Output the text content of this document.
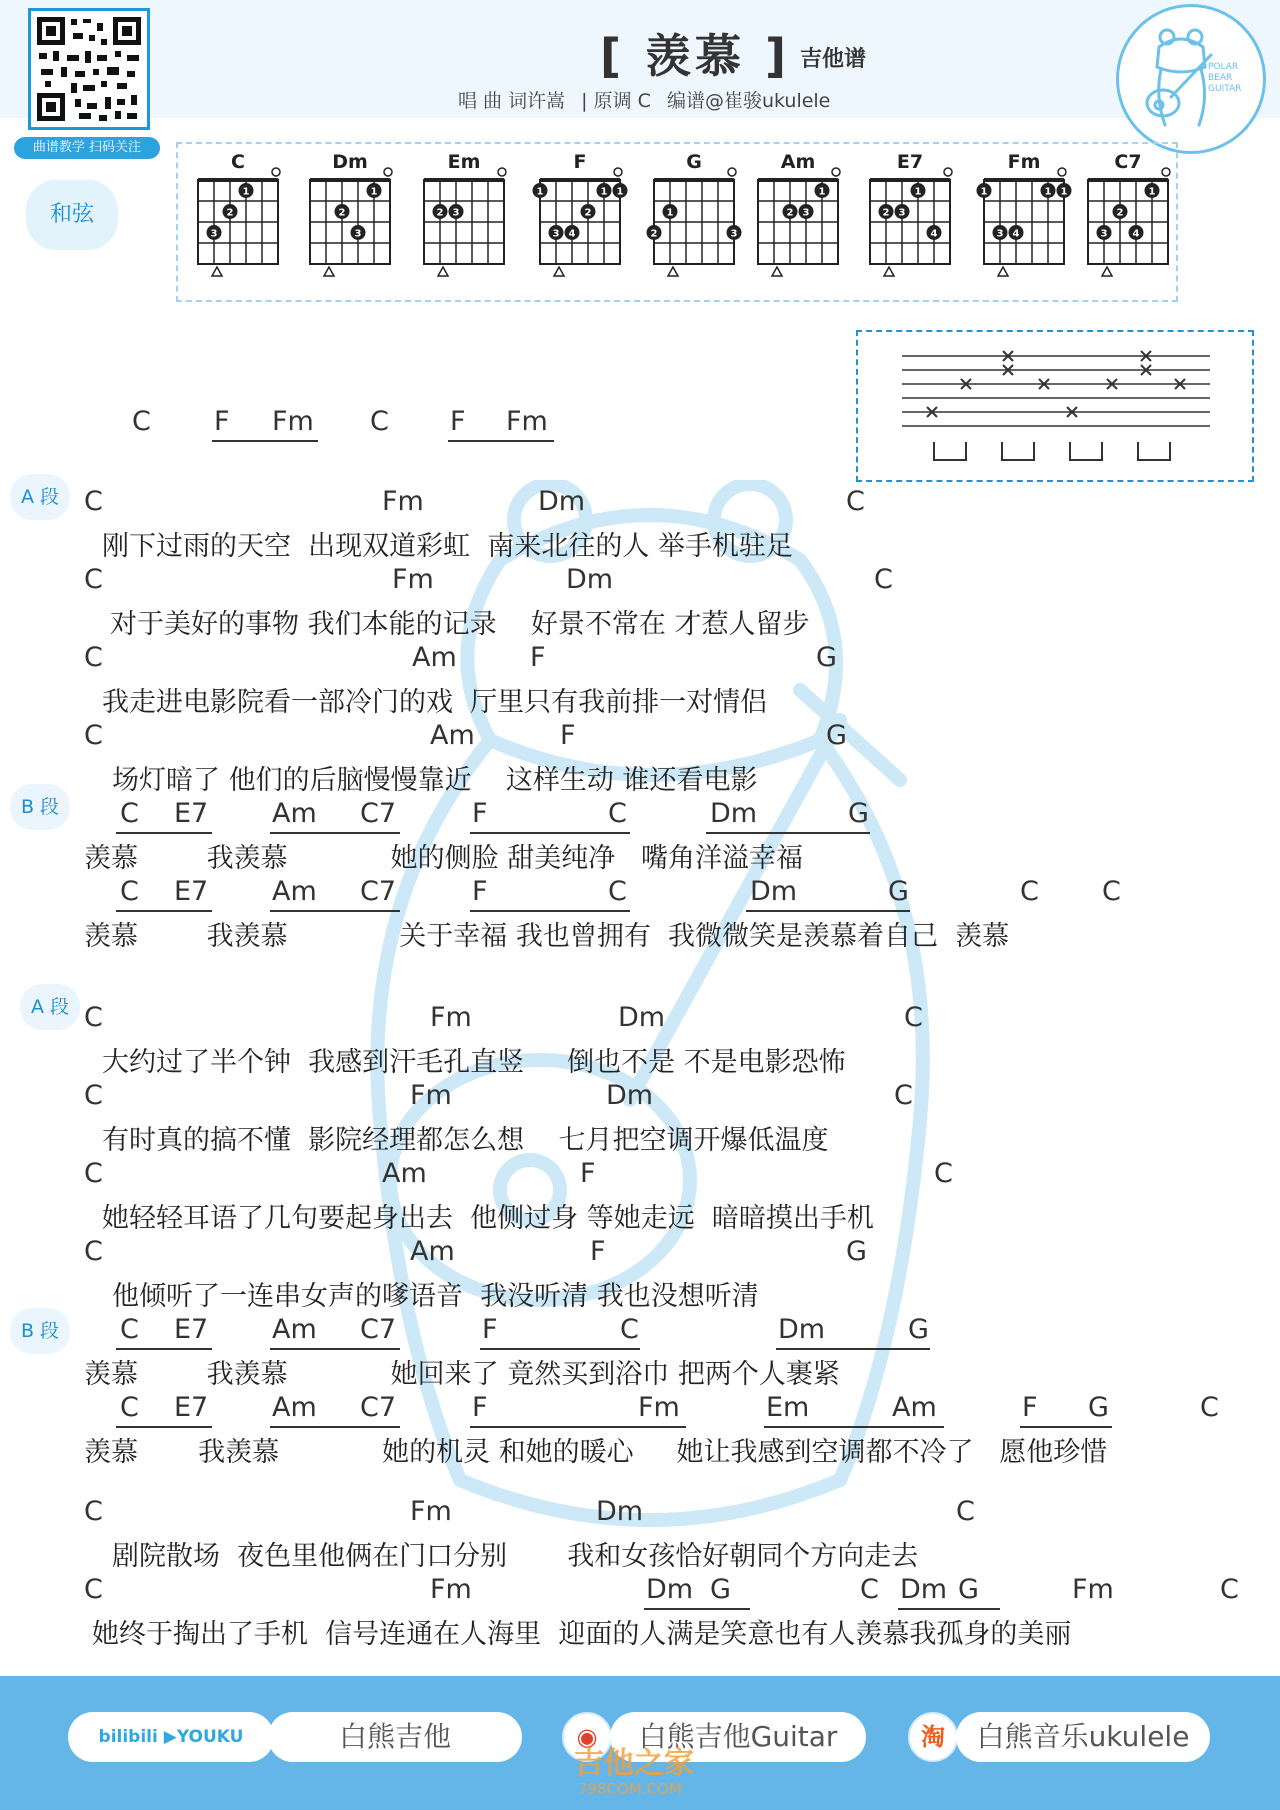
曲谱教学 扫码关注
[ 羡慕 ] 吉他谱
唱 曲 词许嵩 | 原调 C 编谱@崔骏ukulele
POLAR BEAR GUITAR
和弦
C
1
2
3
Dm
1
2
3
Em
2 3
F
1	1 1
2
3 4
G
1
2	3
Am
1
2 3
E7
1
2 3
4
Fm
1	1 1
3 4
C7
1
2
3	4
C F Fm C F Fm
A 段
B 段
A 段
B 段
C	Fm	Dm	C
刚下过雨的天空  出现双道彩虹  南来北往的人 举手机驻足
C	Fm	Dm	C
对于美好的事物 我们本能的记录    好景不常在 才惹人留步
C	Am	F	G
我走进电影院看一部冷门的戏  厅里只有我前排一对情侣
C	Am	F	G
场灯暗了 他们的后脑慢慢靠近    这样生动 谁还看电影
C E7 Am C7	F	C	Dm	G
羡慕        我羡慕            她的侧脸 甜美纯净   嘴角洋溢幸福
C E7 Am C7	F	C	Dm	G	C C
羡慕        我羡慕             关于幸福 我也曾拥有  我微微笑是羡慕着自己  羡慕
C	Fm	Dm	C
大约过了半个钟  我感到汗毛孔直竖     倒也不是 不是电影恐怖
C	Fm	Dm	C
有时真的搞不懂  影院经理都怎么想    七月把空调开爆低温度
C	Am	F	C
她轻轻耳语了几句要起身出去  他侧过身 等她走远  暗暗摸出手机
C	Am	F	G
他倾听了一连串女声的嗲语音  我没听清 我也没想听清
C E7 Am C7	F	C	Dm	G
羡慕        我羡慕            她回来了 竟然买到浴巾 把两个人裹紧
C E7 Am C7	F	Fm	Em	Am	F G	C
羡慕       我羡慕            她的机灵 和她的暖心     她让我感到空调都不冷了   愿他珍惜
C	Fm	Dm	C
剧院散场  夜色里他俩在门口分别       我和女孩恰好朝同个方向走去
C	Fm	Dm G	C Dm G	Fm	C
她终于掏出了手机  信号连通在人海里  迎面的人满是笑意也有人羡慕我孤身的美丽
bilibili ▶YOUKU	白熊吉他	◉	白熊吉他Guitar	淘	白熊音乐ukulele
吉他之家
798COM.COM
